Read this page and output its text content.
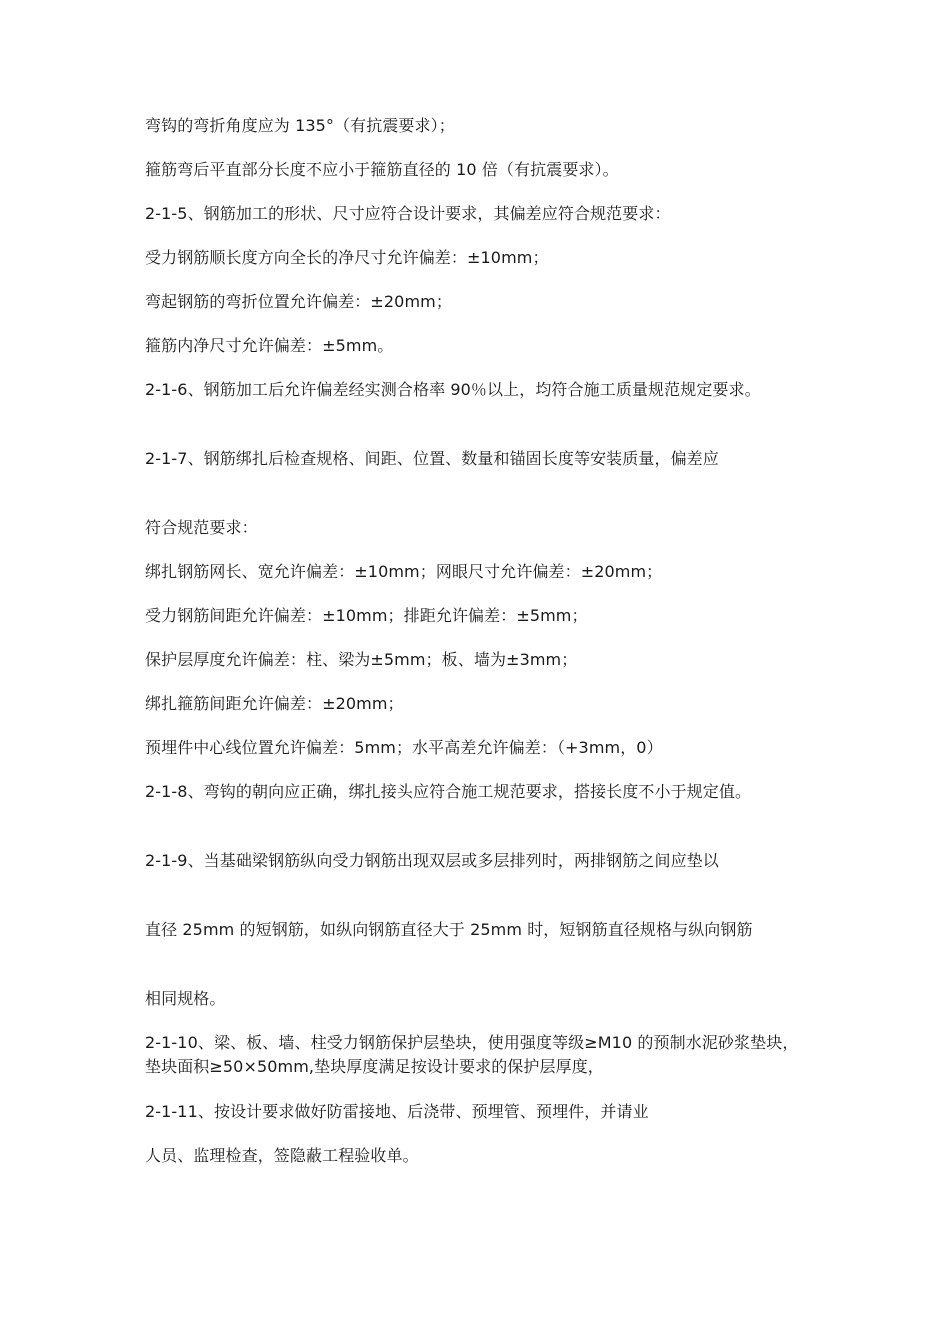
弯钩的弯折角度应为 135°（有抗震要求）；

箍筋弯后平直部分长度不应小于箍筋直径的 10 倍（有抗震要求）。

2-1-5、钢筋加工的形状、尺寸应符合设计要求，其偏差应符合规范要求：

受力钢筋顺长度方向全长的净尺寸允许偏差：±10mm；

弯起钢筋的弯折位置允许偏差：±20mm；

箍筋内净尺寸允许偏差：±5mm。

2-1-6、钢筋加工后允许偏差经实测合格率 90％以上，均符合施工质量规范规定要求。

2-1-7、钢筋绑扎后检查规格、间距、位置、数量和锚固长度等安装质量，偏差应

符合规范要求：

绑扎钢筋网长、宽允许偏差：±10mm；网眼尺寸允许偏差：±20mm；

受力钢筋间距允许偏差：±10mm；排距允许偏差：±5mm；

保护层厚度允许偏差：柱、梁为±5mm；板、墙为±3mm；

绑扎箍筋间距允许偏差：±20mm；

预埋件中心线位置允许偏差：5mm；水平高差允许偏差：（+3mm，0）

2-1-8、弯钩的朝向应正确，绑扎接头应符合施工规范要求，搭接长度不小于规定值。

2-1-9、当基础梁钢筋纵向受力钢筋出现双层或多层排列时，两排钢筋之间应垫以

直径 25mm 的短钢筋，如纵向钢筋直径大于 25mm 时，短钢筋直径规格与纵向钢筋

相同规格。

2-1-10、梁、板、墙、柱受力钢筋保护层垫块，使用强度等级≥M10 的预制水泥砂浆垫块，垫块面积≥50×50mm,垫块厚度满足按设计要求的保护层厚度，

2-1-11、按设计要求做好防雷接地、后浇带、预埋管、预埋件，并请业

人员、监理检查，签隐蔽工程验收单。
